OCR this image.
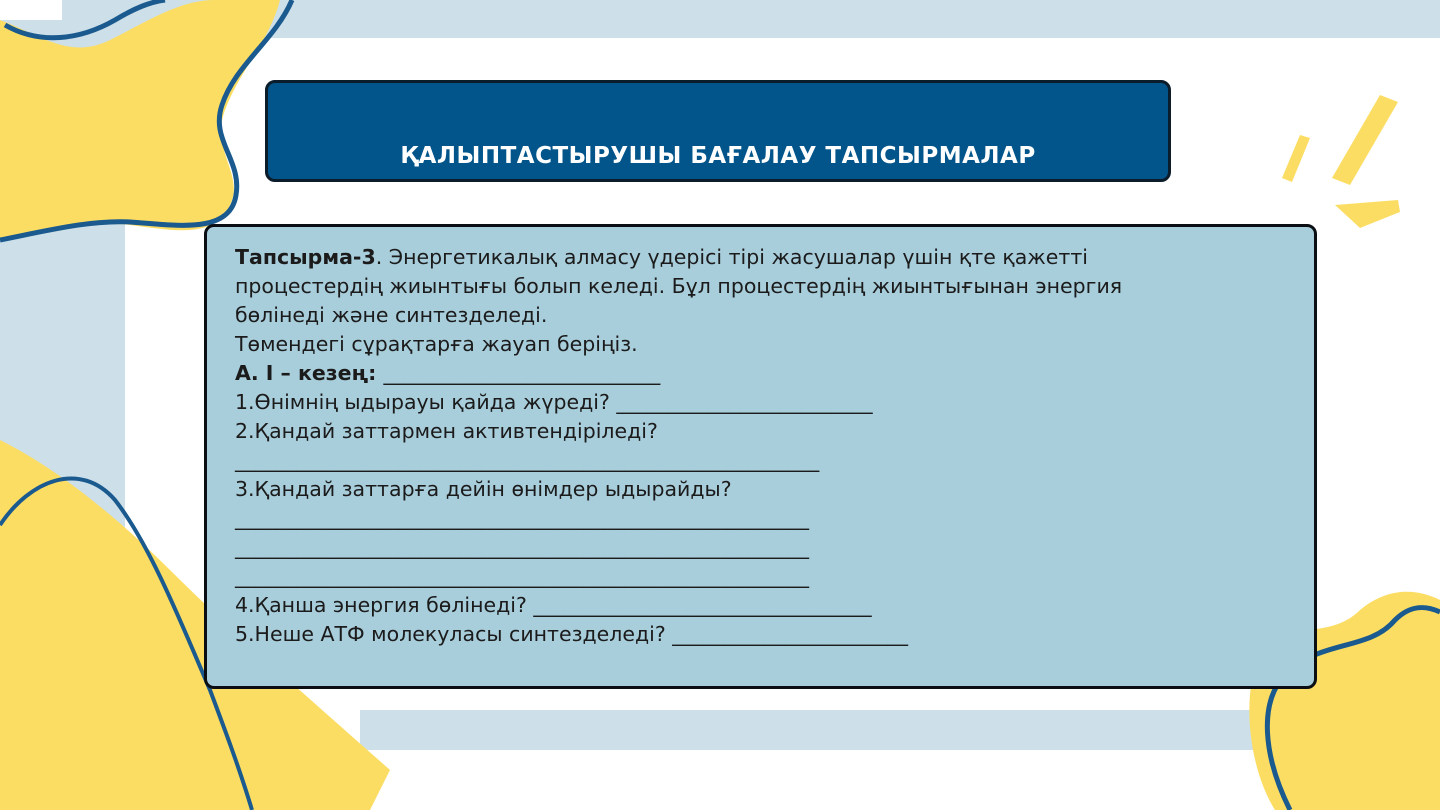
ҚАЛЫПТАСТЫРУШЫ БАҒАЛАУ ТАПСЫРМАЛАР

Тапсырма-3. Энергетикалық алмасу үдерісі тірі жасушалар үшін қте қажетті

процестердің жиынтығы болып келеді. Бұл процестердің жиынтығынан энергия

бөлінеді және синтезделеді.

Төмендегі сұрақтарға жауап беріңіз.

А. I – кезең: ___________________________

1.Өнімнің ыдырауы қайда жүреді? _________________________

2.Қандай заттармен активтендіріледі?

_________________________________________________________

3.Қандай заттарға дейін өнімдер ыдырайды?

________________________________________________________

________________________________________________________

________________________________________________________

4.Қанша энергия бөлінеді? _________________________________

5.Неше АТФ молекуласы синтезделеді? _______________________
